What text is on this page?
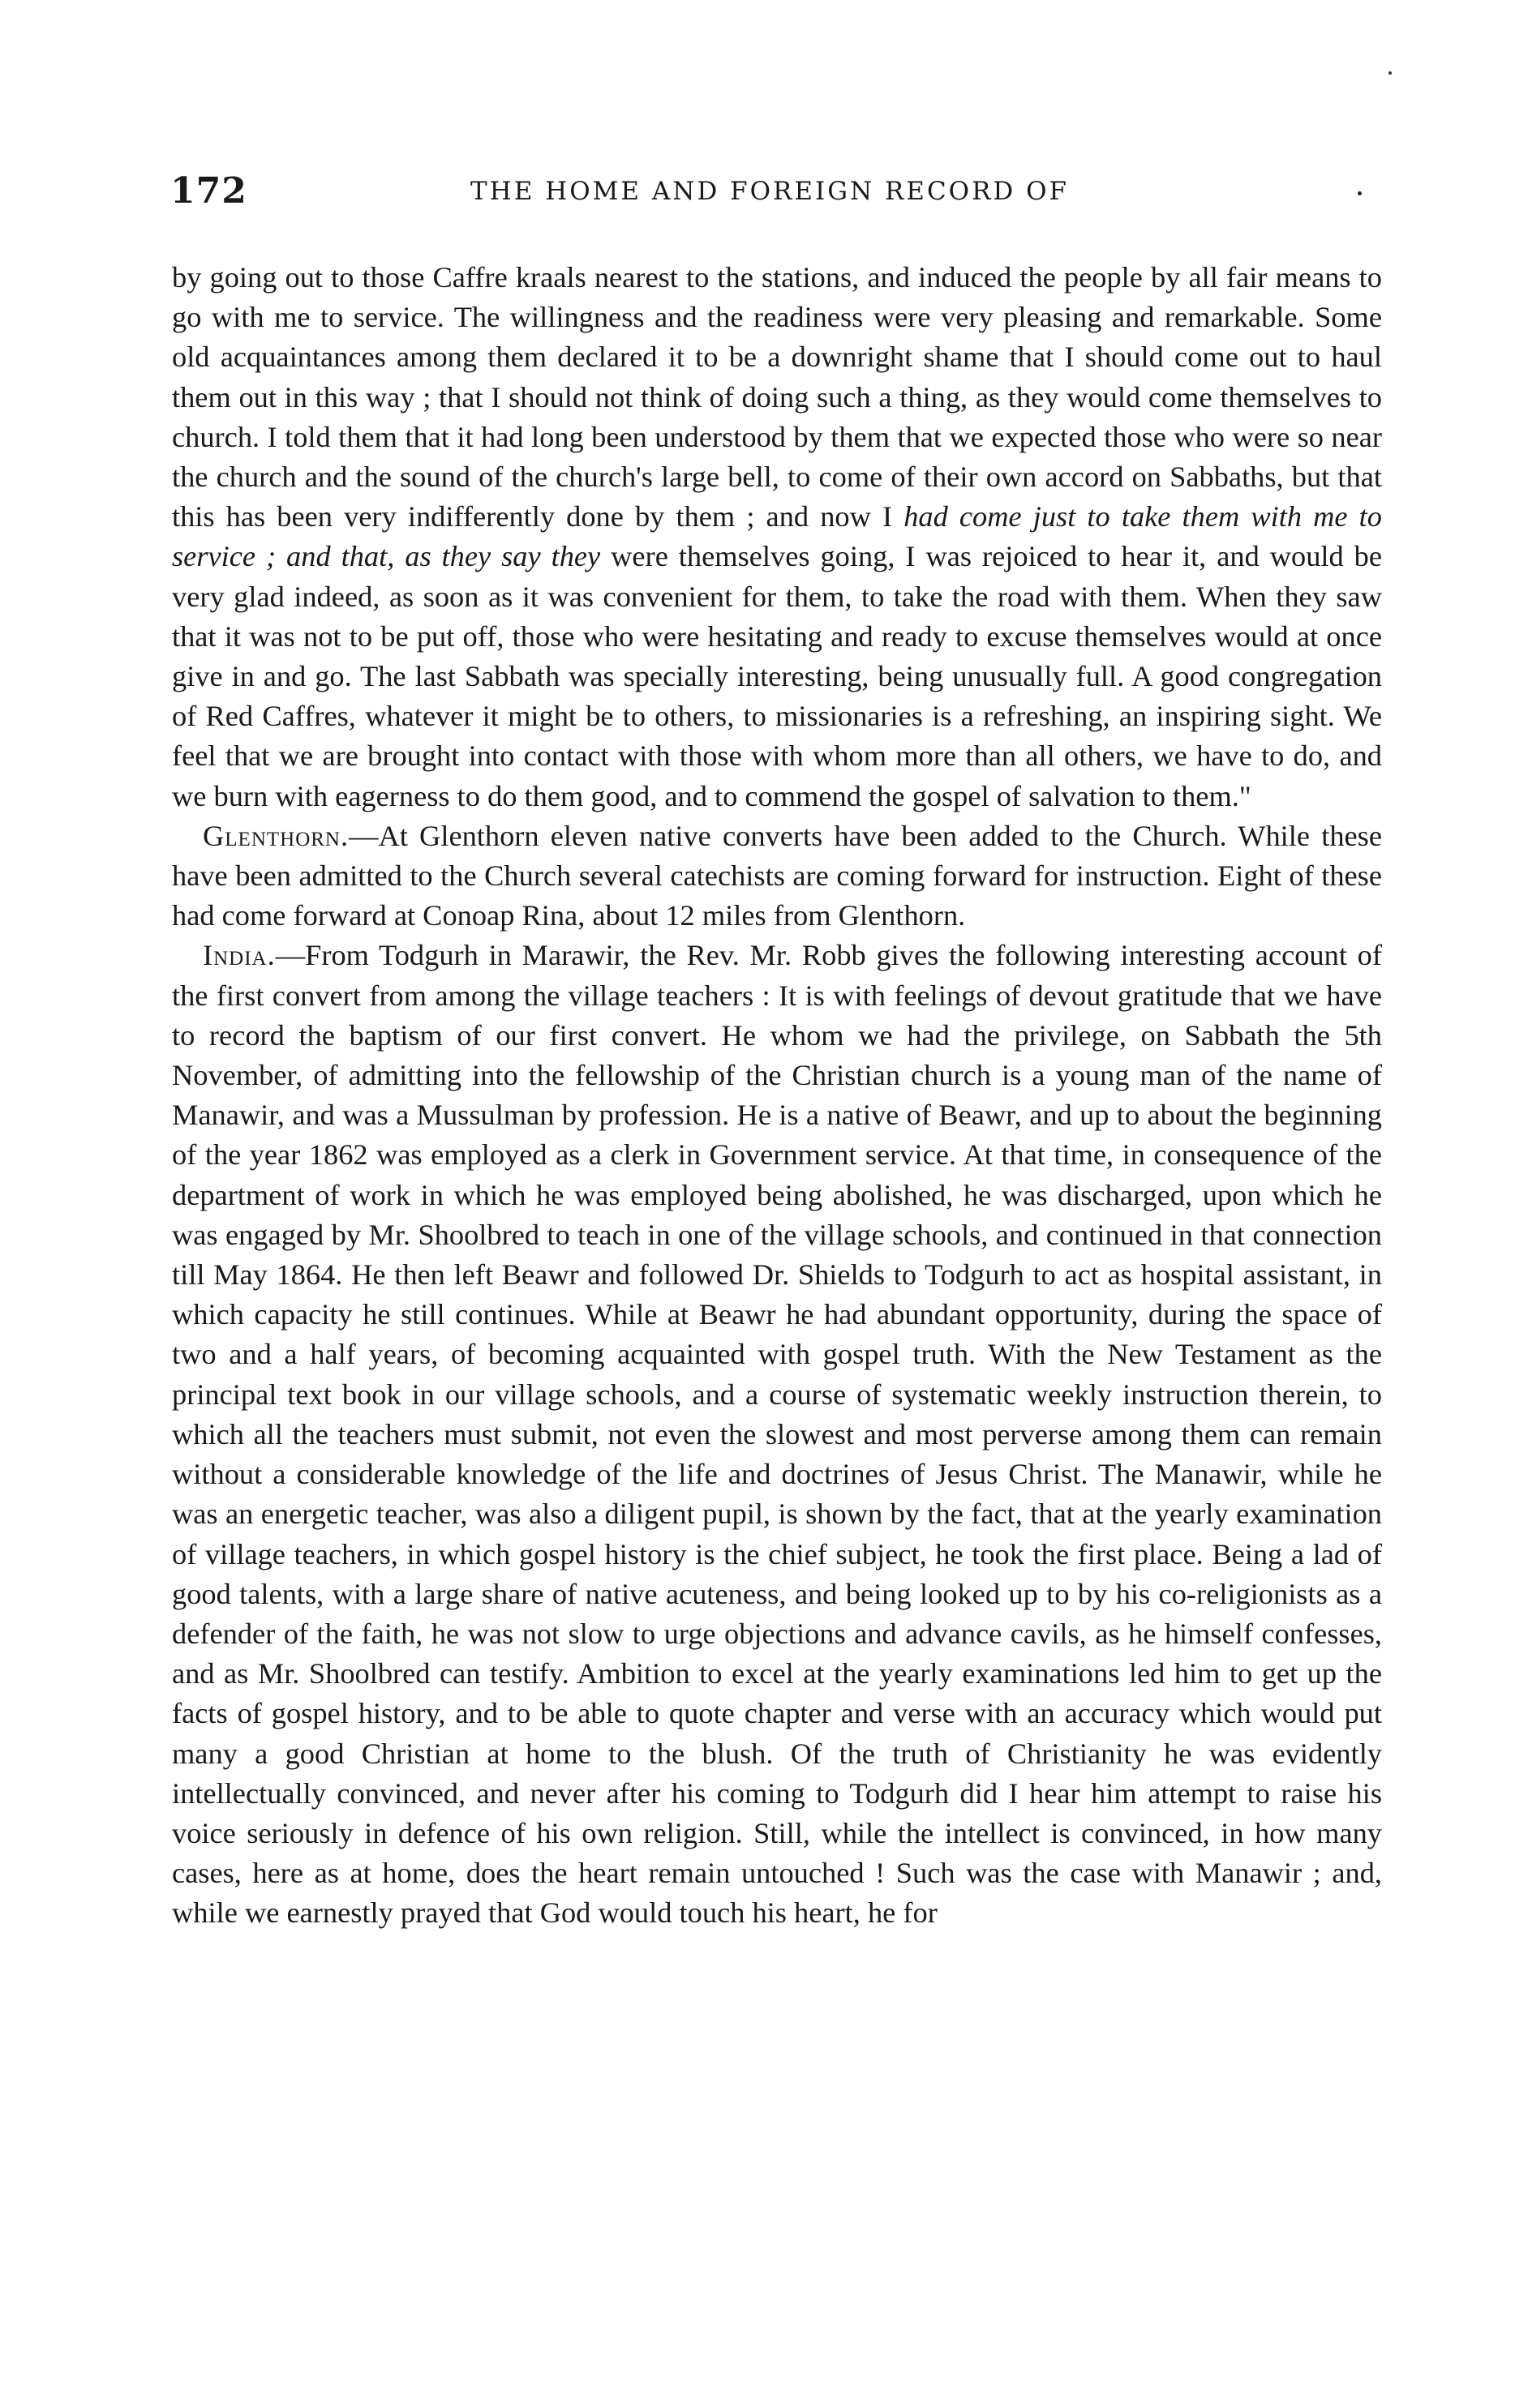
172	THE HOME AND FOREIGN RECORD OF

by going out to those Caffre kraals nearest to the stations, and induced the people by all fair means to go with me to service. The willingness and the readiness were very pleasing and remarkable. Some old acquaintances among them declared it to be a downright shame that I should come out to haul them out in this way ; that I should not think of doing such a thing, as they would come themselves to church. I told them that it had long been understood by them that we expected those who were so near the church and the sound of the church's large bell, to come of their own accord on Sabbaths, but that this has been very indifferently done by them ; and now I had come just to take them with me to service ; and that, as they say they were themselves going, I was rejoiced to hear it, and would be very glad indeed, as soon as it was convenient for them, to take the road with them. When they saw that it was not to be put off, those who were hesitating and ready to excuse themselves would at once give in and go. The last Sabbath was specially interesting, being unusually full. A good congregation of Red Caffres, whatever it might be to others, to missionaries is a refreshing, an inspiring sight. We feel that we are brought into contact with those with whom more than all others, we have to do, and we burn with eagerness to do them good, and to commend the gospel of salvation to them."

Glenthorn.—At Glenthorn eleven native converts have been added to the Church. While these have been admitted to the Church several catechists are coming forward for instruction. Eight of these had come forward at Conoap Rina, about 12 miles from Glenthorn.

India.—From Todgurh in Marawir, the Rev. Mr. Robb gives the following interesting account of the first convert from among the village teachers : It is with feelings of devout gratitude that we have to record the baptism of our first convert. He whom we had the privilege, on Sabbath the 5th November, of admitting into the fellowship of the Christian church is a young man of the name of Manawir, and was a Mussulman by profession. He is a native of Beawr, and up to about the beginning of the year 1862 was employed as a clerk in Government service. At that time, in consequence of the department of work in which he was employed being abolished, he was discharged, upon which he was engaged by Mr. Shoolbred to teach in one of the village schools, and continued in that connection till May 1864. He then left Beawr and followed Dr. Shields to Todgurh to act as hospital assistant, in which capacity he still continues. While at Beawr he had abundant opportunity, during the space of two and a half years, of becoming acquainted with gospel truth. With the New Testament as the principal text book in our village schools, and a course of systematic weekly instruction therein, to which all the teachers must submit, not even the slowest and most perverse among them can remain without a considerable knowledge of the life and doctrines of Jesus Christ. The Manawir, while he was an energetic teacher, was also a diligent pupil, is shown by the fact, that at the yearly examination of village teachers, in which gospel history is the chief subject, he took the first place. Being a lad of good talents, with a large share of native acuteness, and being looked up to by his co-religionists as a defender of the faith, he was not slow to urge objections and advance cavils, as he himself confesses, and as Mr. Shoolbred can testify. Ambition to excel at the yearly examinations led him to get up the facts of gospel history, and to be able to quote chapter and verse with an accuracy which would put many a good Christian at home to the blush. Of the truth of Christianity he was evidently intellectually convinced, and never after his coming to Todgurh did I hear him attempt to raise his voice seriously in defence of his own religion. Still, while the intellect is convinced, in how many cases, here as at home, does the heart remain untouched ! Such was the case with Manawir ; and, while we earnestly prayed that God would touch his heart, he for
